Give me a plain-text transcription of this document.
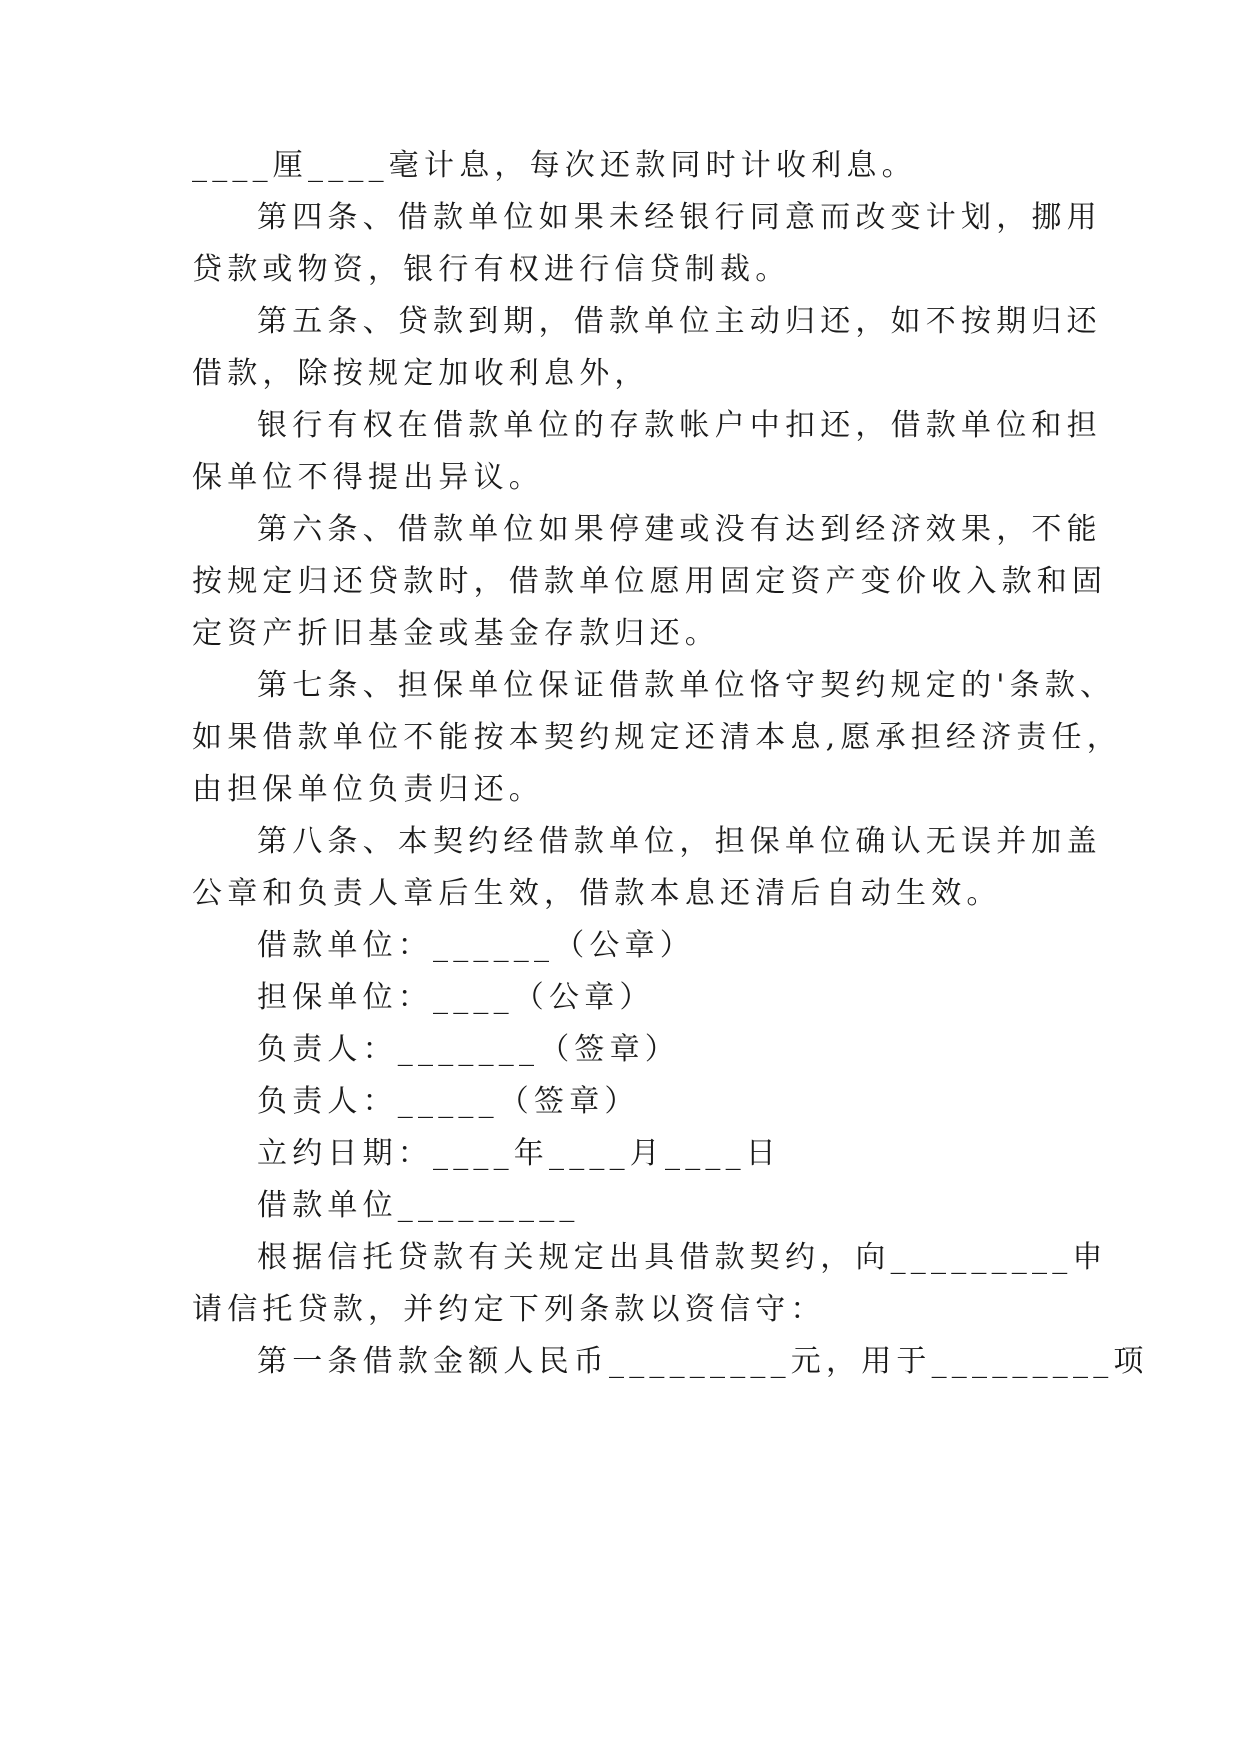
____厘____毫计息，每次还款同时计收利息。
第四条、借款单位如果未经银行同意而改变计划，挪用
贷款或物资，银行有权进行信贷制裁。
第五条、贷款到期，借款单位主动归还，如不按期归还
借款，除按规定加收利息外，
银行有权在借款单位的存款帐户中扣还，借款单位和担
保单位不得提出异议。
第六条、借款单位如果停建或没有达到经济效果，不能
按规定归还贷款时，借款单位愿用固定资产变价收入款和固
定资产折旧基金或基金存款归还。
第七条、担保单位保证借款单位恪守契约规定的'条款、
如果借款单位不能按本契约规定还清本息,愿承担经济责任，
由担保单位负责归还。
第八条、本契约经借款单位，担保单位确认无误并加盖
公章和负责人章后生效，借款本息还清后自动生效。
借款单位：______（公章）
担保单位：____（公章）
负责人：_______（签章）
负责人：_____（签章）
立约日期：____年____月____日
借款单位_________
根据信托贷款有关规定出具借款契约，向_________申
请信托贷款，并约定下列条款以资信守：
第一条借款金额人民币_________元，用于_________项
